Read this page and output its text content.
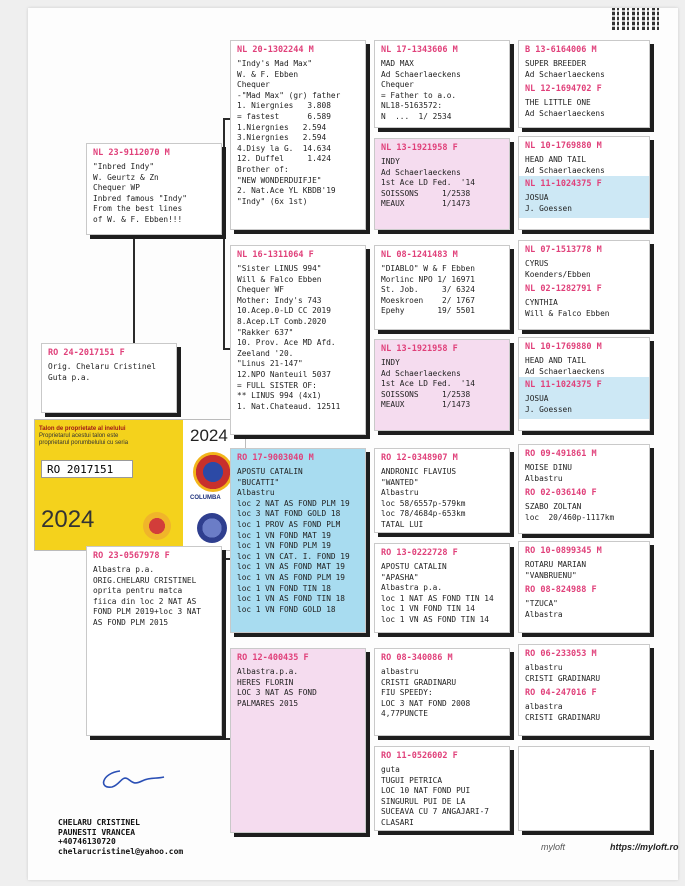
NL 23-9112070 M
"Inbred Indy"
W. Geurtz & Zn
Chequer WP
Inbred famous "Indy"
From the best lines
of W. & F. Ebben!!!
RO 24-2017151 F
Orig. Chelaru Cristinel
Guta p.a.
Talon de proprietate al inelului
Proprietarul acestui talon este
proprietarul porumbelului cu seria
RO 2017151
2024
2024
COLUMBA
RO 23-0567978 F
Albastra p.a.
ORIG.CHELARU CRISTINEL
oprita pentru matca
fiica din loc 2 NAT AS
FOND PLM 2019+loc 3 NAT
AS FOND PLM 2015
NL 20-1302244 M
"Indy's Mad Max"
W. & F. Ebben
Chequer
-"Mad Max" (gr) father
1. Niergnies   3.808
= fastest      6.589
1.Niergnies   2.594
3.Niergnies   2.594
4.Disy la G.  14.634
12. Duffel     1.424
Brother of:
"NEW WONDERDUIFJE"
2. Nat.Ace YL KBDB'19
"Indy" (6x 1st)
NL 16-1311064 F
"Sister LINUS 994"
Will & Falco Ebben
Chequer WF
Mother: Indy's 743
10.Acep.0-LD CC 2019
8.Acep.LT Comb.2020
"Rakker 637"
10. Prov. Ace MD Afd.
Zeeland '20.
"Linus 21-147"
12.NPO Nanteuil 5037
= FULL SISTER OF:
** LINUS 994 (4x1)
1. Nat.Chateaud. 12511
RO 17-9003040 M
APOSTU CATALIN
"BUCATTI"
Albastru
loc 2 NAT AS FOND PLM 19
loc 3 NAT FOND GOLD 18
loc 1 PROV AS FOND PLM
loc 1 VN FOND MAT 19
loc 1 VN FOND PLM 19
loc 1 VN CAT. I. FOND 19
loc 1 VN AS FOND MAT 19
loc 1 VN AS FOND PLM 19
loc 1 VN FOND TIN 18
loc 1 VN AS FOND TIN 18
loc 1 VN FOND GOLD 18
RO 12-400435 F
Albastra.p.a.
HERES FLORIN
LOC 3 NAT AS FOND
PALMARES 2015
NL 17-1343606 M
MAD MAX
Ad Schaerlaeckens
Chequer
= Father to a.o.
NL18-5163572:
N  ...  1/ 2534
NL 13-1921958 F
INDY
Ad Schaerlaeckens
1st Ace LD Fed.  '14
SOISSONS     1/2538
MEAUX        1/1473
NL 08-1241483 M
"DIABLO" W & F Ebben
Morlinc NPO 1/ 16971
St. Job.     3/ 6324
Moeskroen    2/ 1767
Epehy       19/ 5501
NL 13-1921958 F
INDY
Ad Schaerlaeckens
1st Ace LD Fed.  '14
SOISSONS     1/2538
MEAUX        1/1473
RO 12-0348907 M
ANDRONIC FLAVIUS
"WANTED"
Albastru
loc 58/6557p-579km
loc 78/4684p-653km
TATAL LUI
RO 13-0222728 F
APOSTU CATALIN
"APASHA"
Albastra p.a.
loc 1 NAT AS FOND TIN 14
loc 1 VN FOND TIN 14
loc 1 VN AS FOND TIN 14
RO 08-340086 M
albastru
CRISTI GRADINARU
FIU SPEEDY:
LOC 3 NAT FOND 2008
4,77PUNCTE
RO 11-0526002 F
guta
TUGUI PETRICA
LOC 10 NAT FOND PUI
SINGURUL PUI DE LA
SUCEAVA CU 7 ANGAJARI-7
CLASARI
B 13-6164006 M
SUPER BREEDER
Ad Schaerlaeckens
NL 12-1694702 F
THE LITTLE ONE
Ad Schaerlaeckens
NL 10-1769880 M
HEAD AND TAIL
Ad Schaerlaeckens
NL 11-1024375 F
JOSUA
J. Goessen
NL 07-1513778 M
CYRUS
Koenders/Ebben
NL 02-1282791 F
CYNTHIA
Will & Falco Ebben
NL 10-1769880 M
HEAD AND TAIL
Ad Schaerlaeckens
NL 11-1024375 F
JOSUA
J. Goessen
RO 09-491861 M
MOISE DINU
Albastru
RO 02-036140 F
SZABO ZOLTAN
loc  20/460p-1117km
RO 10-0899345 M
ROTARU MARIAN
"VANBRUENU"
RO 08-824988 F
"TZUCA"
Albastra
RO 06-233053 M
albastru
CRISTI GRADINARU
RO 04-247016 F
albastra
CRISTI GRADINARU
CHELARU CRISTINEL
PAUNESTI VRANCEA
+40746130720
chelarucristinel@yahoo.com	myloft	https://myloft.ro
